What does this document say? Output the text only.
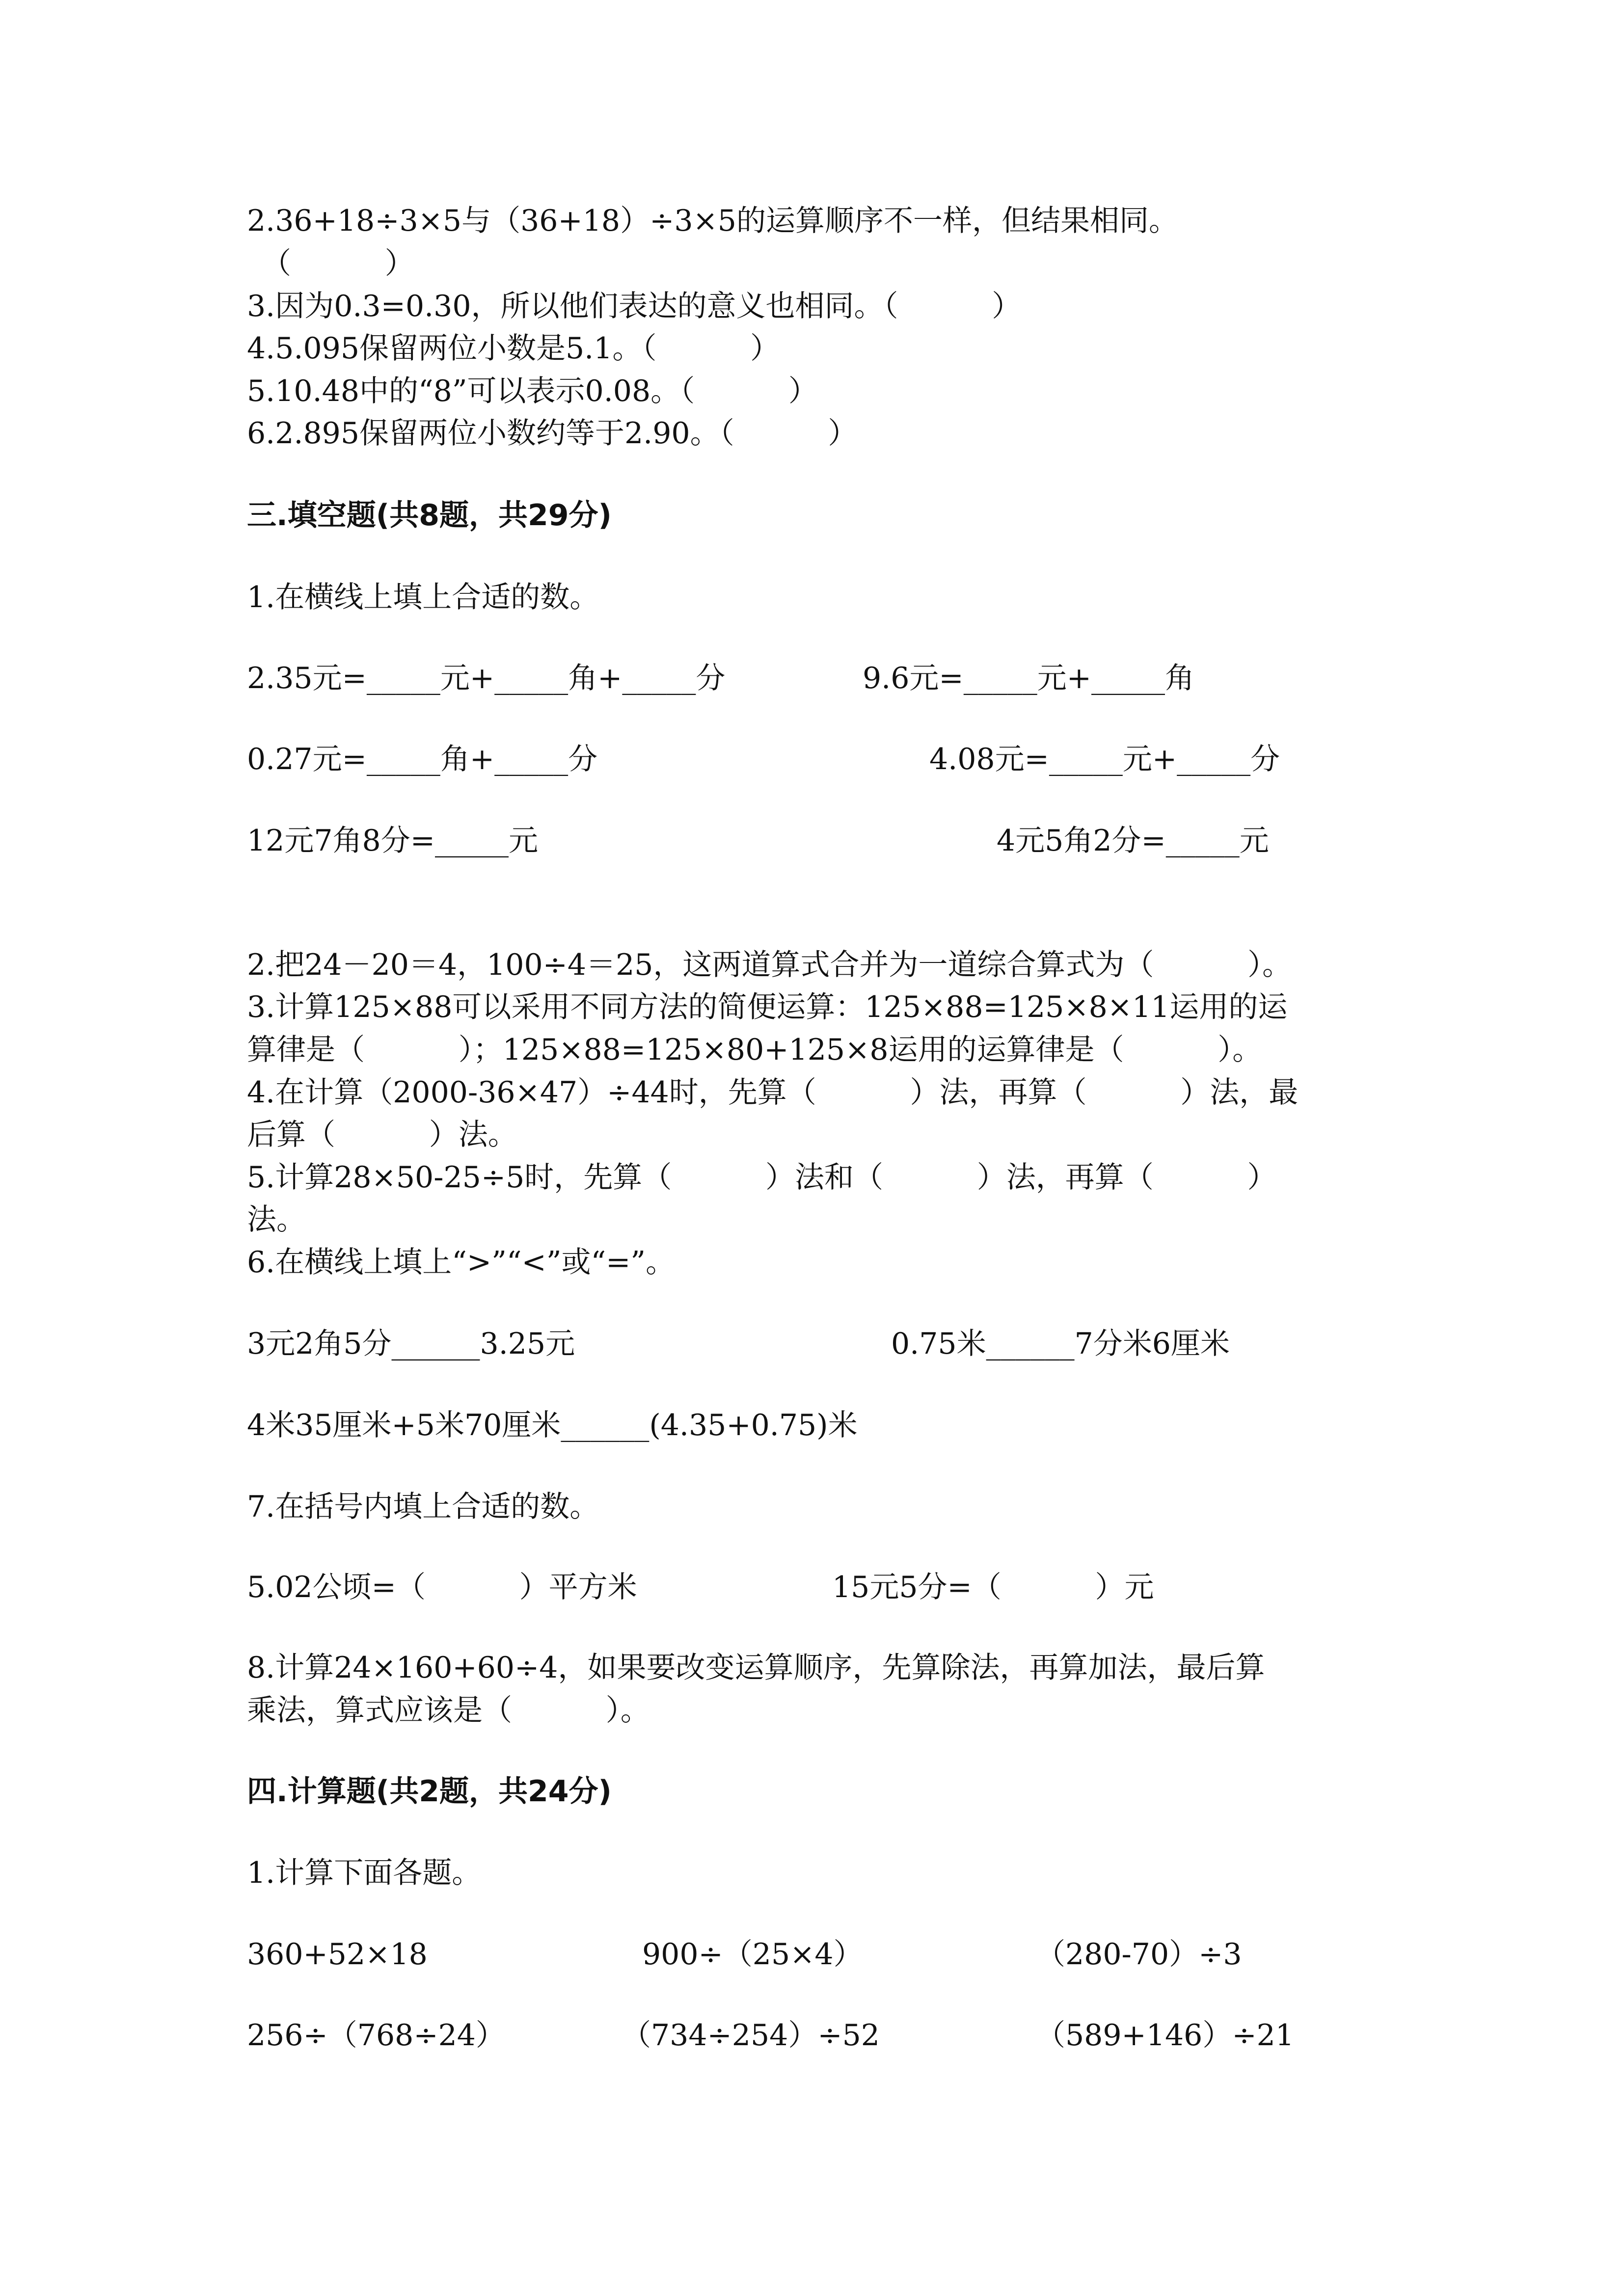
2.36+18÷3×5与（36+18）÷3×5的运算顺序不一样，但结果相同。
（          ）
3.因为0.3=0.30，所以他们表达的意义也相同。（          ）
4.5.095保留两位小数是5.1。（          ）
5.10.48中的“8”可以表示0.08。（          ）
6.2.895保留两位小数约等于2.90。（          ）
三.填空题(共8题，共29分)
1.在横线上填上合适的数。
2.35元=_____元+_____角+_____分	9.6元=_____元+_____角
0.27元=_____角+_____分	4.08元=_____元+_____分
12元7角8分=_____元	4元5角2分=_____元
2.把24－20＝4，100÷4＝25，这两道算式合并为一道综合算式为（          ）。
3.计算125×88可以采用不同方法的简便运算：125×88=125×8×11运用的运
算律是（          ）；125×88=125×80+125×8运用的运算律是（          ）。
4.在计算（2000-36×47）÷44时，先算（          ）法，再算（          ）法，最
后算（          ）法。
5.计算28×50-25÷5时，先算（          ）法和（          ）法，再算（          ）
法。
6.在横线上填上“>”“<”或“=”。
3元2角5分______3.25元	0.75米______7分米6厘米
4米35厘米+5米70厘米______(4.35+0.75)米
7.在括号内填上合适的数。
5.02公顷=（          ）平方米	15元5分=（          ）元
8.计算24×160+60÷4，如果要改变运算顺序，先算除法，再算加法，最后算
乘法，算式应该是（          ）。
四.计算题(共2题，共24分)
1.计算下面各题。
360+52×18	900÷（25×4）	（280-70）÷3
256÷（768÷24）	（734÷254）÷52	（589+146）÷21
